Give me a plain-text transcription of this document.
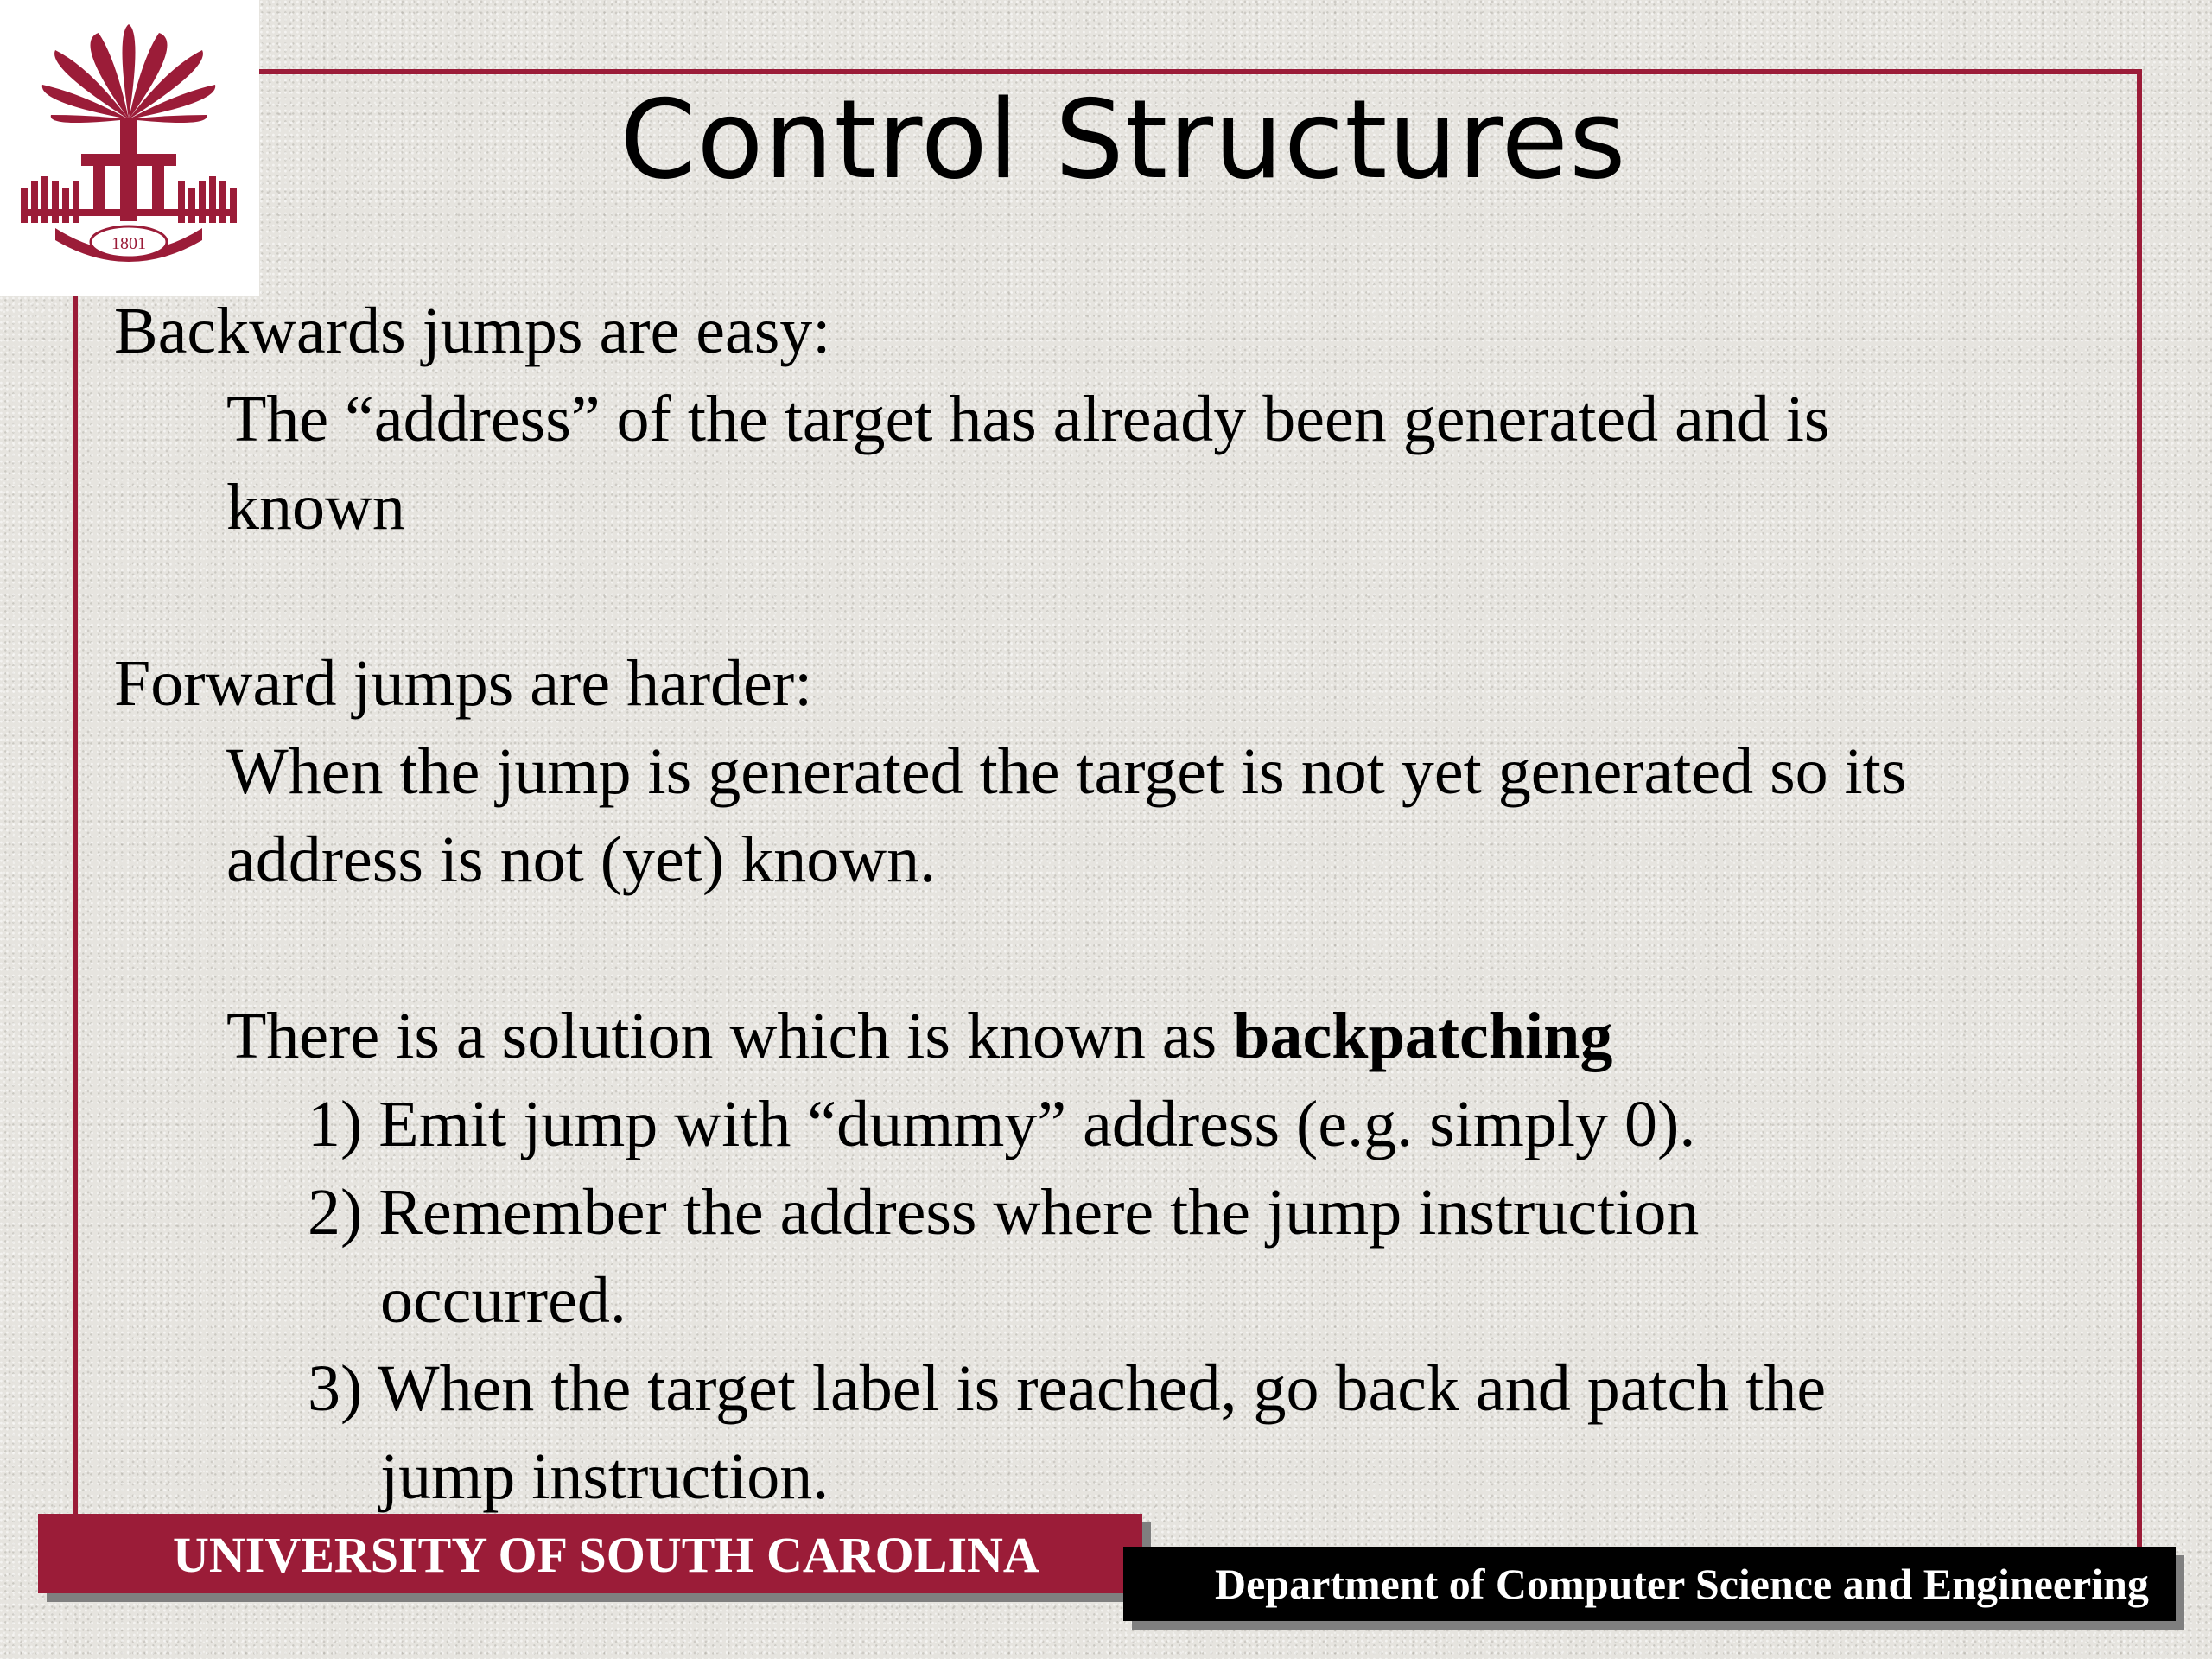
1801
Control Structures

Backwards jumps are easy:

The “address” of the target has already been generated and is

known

Forward jumps are harder:

When the jump is generated the target is not yet generated so its

address is not (yet) known.

There is a solution which is known as backpatching

1) Emit jump with “dummy” address (e.g. simply 0).

2) Remember the address where the jump instruction

occurred.

3) When the target label is reached, go back and patch the

jump instruction.

UNIVERSITY OF SOUTH CAROLINA
Department of Computer Science and Engineering
